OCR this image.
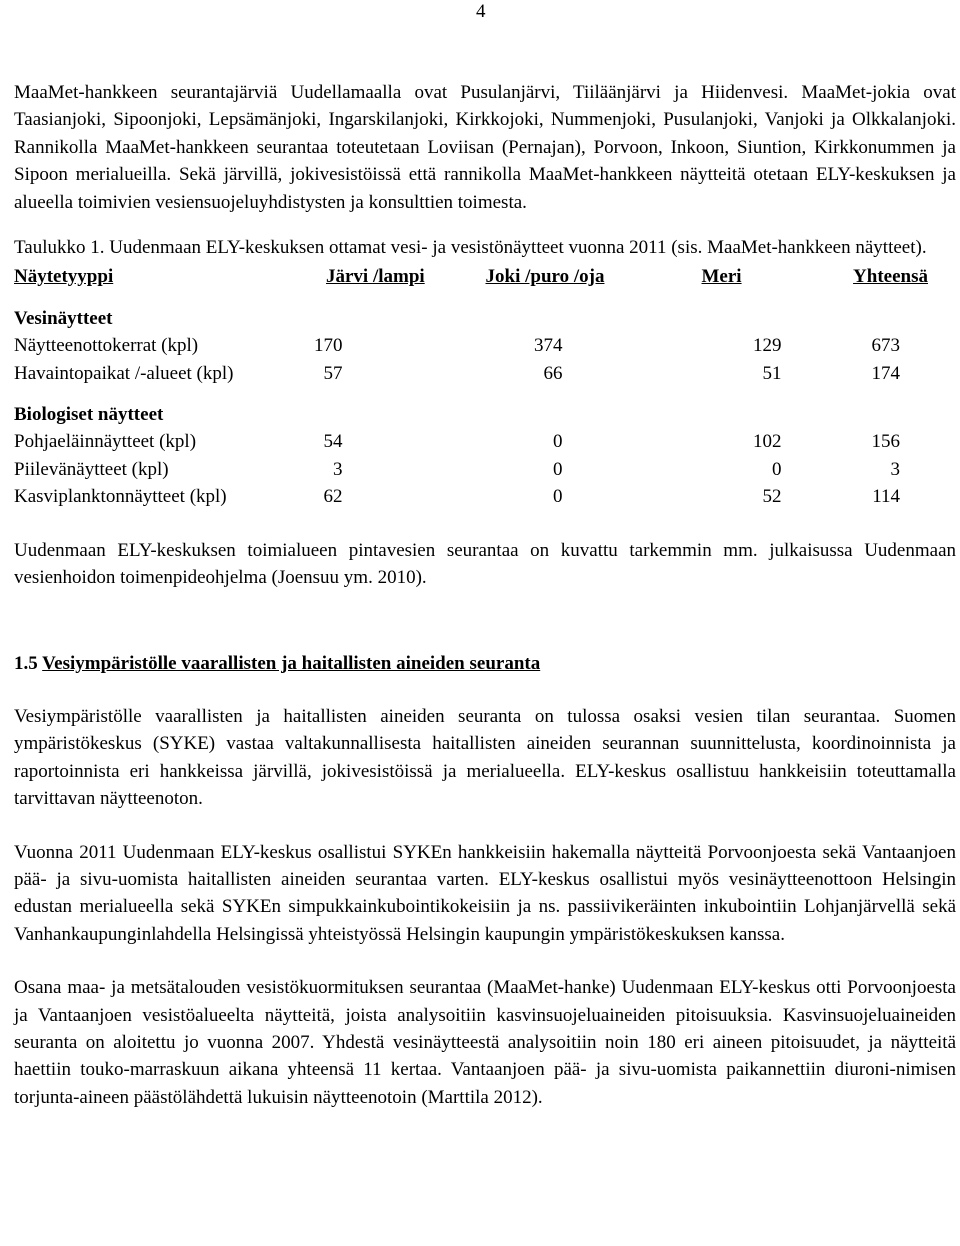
4

MaaMet-hankkeen seurantajärviä Uudellamaalla ovat Pusulanjärvi, Tiiläänjärvi ja Hiidenvesi. MaaMet-jokia ovat Taasianjoki, Sipoonjoki, Lepsämänjoki, Ingarskilanjoki, Kirkkojoki, Nummenjoki, Pusulanjoki, Vanjoki ja Olkkalanjoki. Rannikolla MaaMet-hankkeen seurantaa toteutetaan Loviisan (Pernajan), Porvoon, Inkoon, Siuntion, Kirkkonummen ja Sipoon merialueilla. Sekä järvillä, jokivesistöissä että rannikolla MaaMet-hankkeen näytteitä otetaan ELY-keskuksen ja alueella toimivien vesiensuojeluyhdistysten ja konsulttien toimesta.

Taulukko 1. Uudenmaan ELY-keskuksen ottamat vesi- ja vesistönäytteet vuonna 2011 (sis. MaaMet-hankkeen näytteet).

Näytetyyppi	Järvi /lampi	Joki /puro /oja	Meri	Yhteensä
Vesinäytteet				
Näytteenottokerrat (kpl)	170	374	129	673
Havaintopaikat /-alueet (kpl)	57	66	51	174
Biologiset näytteet				
Pohjaeläinnäytteet (kpl)	54	0	102	156
Piilevänäytteet (kpl)	3	0	0	3
Kasviplanktonnäytteet (kpl)	62	0	52	114

Uudenmaan ELY-keskuksen toimialueen pintavesien seurantaa on kuvattu tarkemmin mm. julkaisussa Uudenmaan vesienhoidon toimenpideohjelma (Joensuu ym. 2010).

1.5 Vesiympäristölle vaarallisten ja haitallisten aineiden seuranta

Vesiympäristölle vaarallisten ja haitallisten aineiden seuranta on tulossa osaksi vesien tilan seurantaa. Suomen ympäristökeskus (SYKE) vastaa valtakunnallisesta haitallisten aineiden seurannan suunnittelusta, koordinoinnista ja raportoinnista eri hankkeissa järvillä, jokivesistöissä ja merialueella. ELY-keskus osallistuu hankkeisiin toteuttamalla tarvittavan näytteenoton.

Vuonna 2011 Uudenmaan ELY-keskus osallistui SYKEn hankkeisiin hakemalla näytteitä Porvoonjoesta sekä Vantaanjoen pää- ja sivu-uomista haitallisten aineiden seurantaa varten. ELY-keskus osallistui myös vesinäytteenottoon Helsingin edustan merialueella sekä SYKEn simpukkainkubointikokeisiin ja ns. passiivikeräinten inkubointiin Lohjanjärvellä sekä Vanhankaupunginlahdella Helsingissä yhteistyössä Helsingin kaupungin ympäristökeskuksen kanssa.

Osana maa- ja metsätalouden vesistökuormituksen seurantaa (MaaMet-hanke) Uudenmaan ELY-keskus otti Porvoonjoesta ja Vantaanjoen vesistöalueelta näytteitä, joista analysoitiin kasvinsuojeluaineiden pitoisuuksia. Kasvinsuojeluaineiden seuranta on aloitettu jo vuonna 2007. Yhdestä vesinäytteestä analysoitiin noin 180 eri aineen pitoisuudet, ja näytteitä haettiin touko-marraskuun aikana yhteensä 11 kertaa. Vantaanjoen pää- ja sivu-uomista paikannettiin diuroni-nimisen torjunta-aineen päästölähdettä lukuisin näytteenotoin (Marttila 2012).
